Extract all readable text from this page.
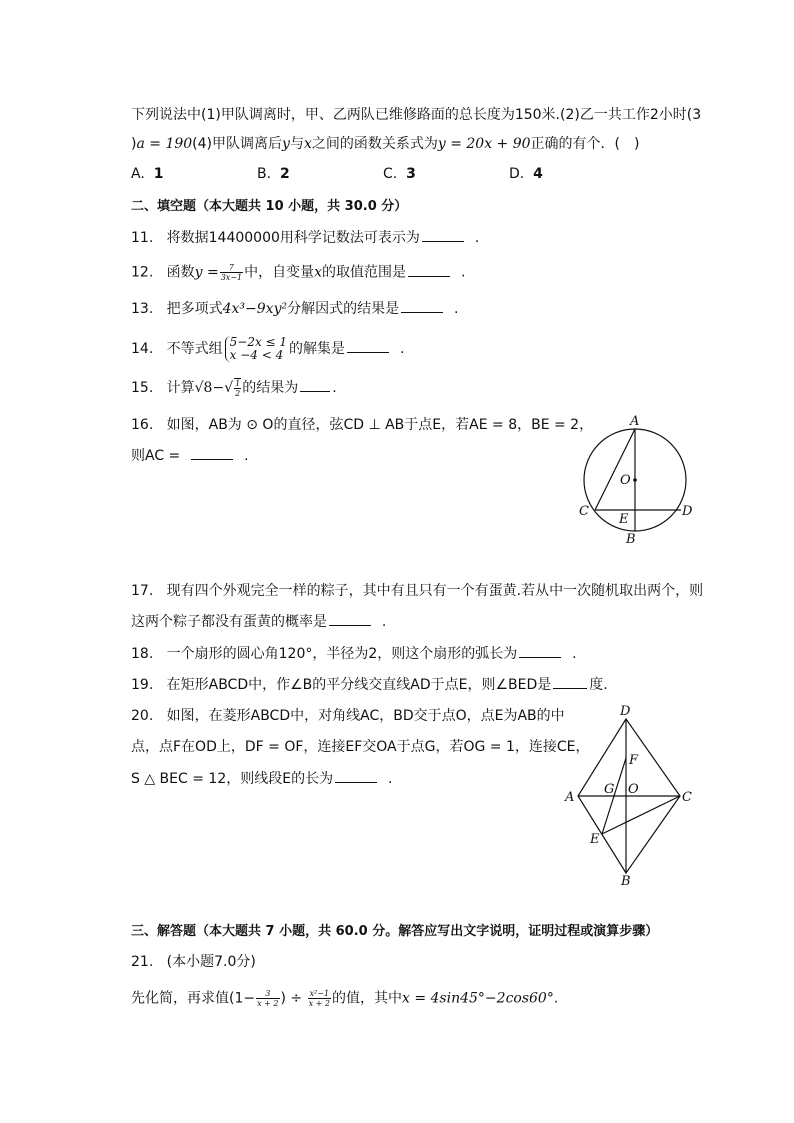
下列说法中(1)甲队调离时，甲、乙两队已维修路面的总长度为150米.(2)乙一共工作2小时(3
)a = 190(4)甲队调离后y与x之间的函数关系式为y = 20x + 90正确的有个．(　)
A. 1	B. 2	C. 3	D. 4
二、填空题（本大题共 10 小题，共 30.0 分）
11. 将数据14400000用科学记数法可表示为	.
12. 函数$y = \frac{7}{3x-1}$ 中，自变量x的取值范围是	.
13. 把多项式4x³−9xy²分解因式的结果是	.
14. 不等式组 5−2x ≤ 1
x −4 < 4 的解集是	.
15. 计算$√8-√ \frac{1}{2}$ 的结果为 .
16. 如图，AB为 ⊙ O的直径，弦CD ⊥ AB于点E，若AE = 8，BE = 2，
则AC =	.
A
O
C	D
E
B
17. 现有四个外观完全一样的粽子，其中有且只有一个有蛋黄.若从中一次随机取出两个，则
这两个粽子都没有蛋黄的概率是	.
18. 一个扇形的圆心角120°，半径为2，则这个扇形的弧长为	.
19. 在矩形ABCD中，作∠B的平分线交直线AD于点E，则∠BED是	度.
20. 如图，在菱形ABCD中，对角线AC，BD交于点O，点E为AB的中
点，点F在OD上，DF = OF，连接EF交OA于点G，若OG = 1，连接CE，
S △ BEC = 12，则线段E的长为	.
D
F
G O
A	C
E
B
三、解答题（本大题共 7 小题，共 60.0 分。解答应写出文字说明，证明过程或演算步骤）
21. (本小题7.0分)
先化简，再求值($1- \frac{3}{x + 2}$ ) ÷ $\frac{\text{x²−1}}{x + 2}$ 的值，其中x = 4sin45°−2cos60°.
